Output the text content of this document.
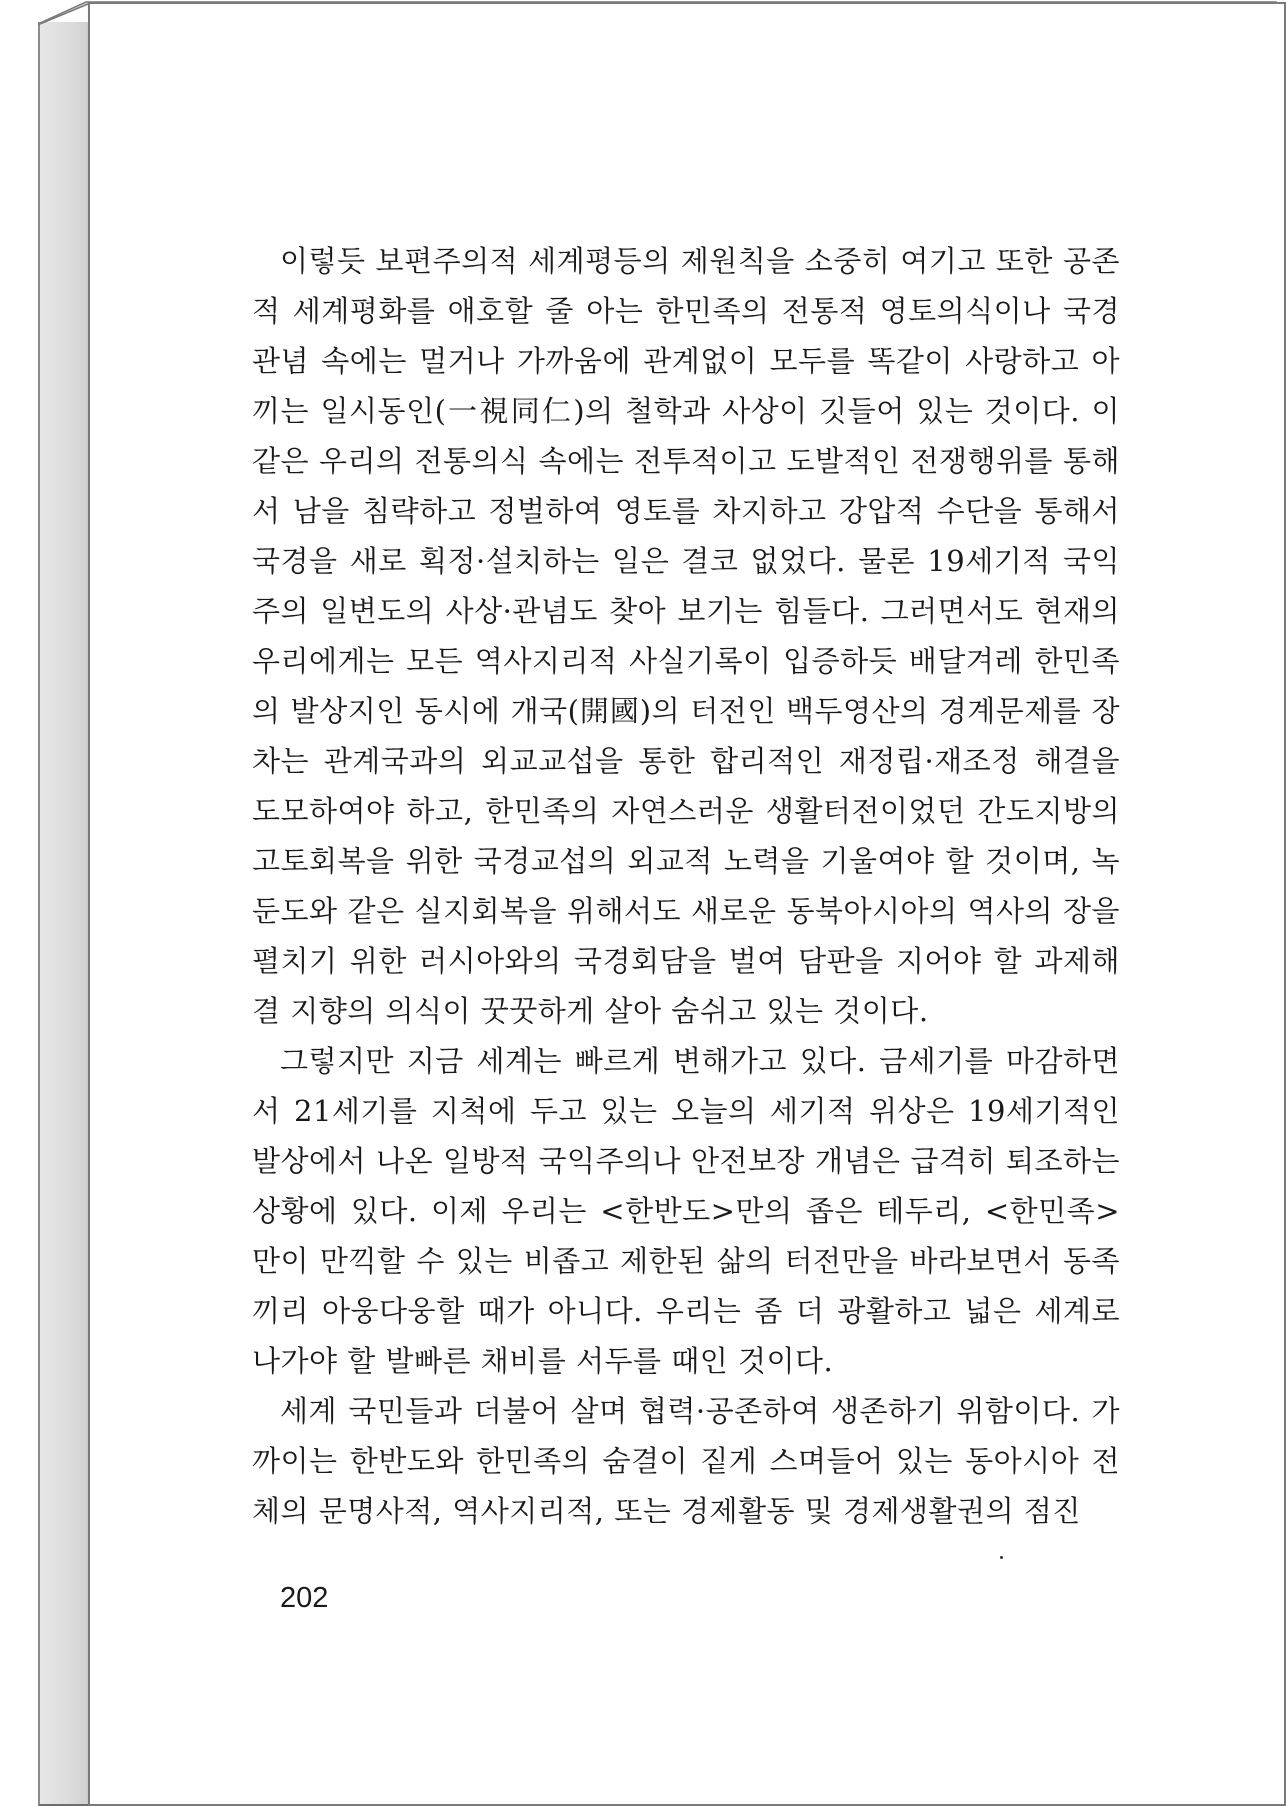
이렇듯 보편주의적 세계평등의 제원칙을 소중히 여기고 또한 공존적 세계평화를 애호할 줄 아는 한민족의 전통적 영토의식이나 국경관념 속에는 멀거나 가까움에 관계없이 모두를 똑같이 사랑하고 아끼는 일시동인(一視同仁)의 철학과 사상이 깃들어 있는 것이다. 이같은 우리의 전통의식 속에는 전투적이고 도발적인 전쟁행위를 통해서 남을 침략하고 정벌하여 영토를 차지하고 강압적 수단을 통해서 국경을 새로 획정·설치하는 일은 결코 없었다. 물론 19세기적 국익주의 일변도의 사상·관념도 찾아 보기는 힘들다. 그러면서도 현재의 우리에게는 모든 역사지리적 사실기록이 입증하듯 배달겨레 한민족의 발상지인 동시에 개국(開國)의 터전인 백두영산의 경계문제를 장차는 관계국과의 외교교섭을 통한 합리적인 재정립·재조정 해결을 도모하여야 하고, 한민족의 자연스러운 생활터전이었던 간도지방의 고토회복을 위한 국경교섭의 외교적 노력을 기울여야 할 것이며, 녹둔도와 같은 실지회복을 위해서도 새로운 동북아시아의 역사의 장을 펼치기 위한 러시아와의 국경회담을 벌여 담판을 지어야 할 과제해결 지향의 의식이 꿋꿋하게 살아 숨쉬고 있는 것이다.

그렇지만 지금 세계는 빠르게 변해가고 있다. 금세기를 마감하면서 21세기를 지척에 두고 있는 오늘의 세기적 위상은 19세기적인 발상에서 나온 일방적 국익주의나 안전보장 개념은 급격히 퇴조하는 상황에 있다. 이제 우리는 <한반도>만의 좁은 테두리, <한민족>만이 만끽할 수 있는 비좁고 제한된 삶의 터전만을 바라보면서 동족끼리 아웅다웅할 때가 아니다. 우리는 좀 더 광활하고 넓은 세계로 나가야 할 발빠른 채비를 서두를 때인 것이다.

세계 국민들과 더불어 살며 협력·공존하여 생존하기 위함이다. 가까이는 한반도와 한민족의 숨결이 짙게 스며들어 있는 동아시아 전체의 문명사적, 역사지리적, 또는 경제활동 및 경제생활권의 점진

202
